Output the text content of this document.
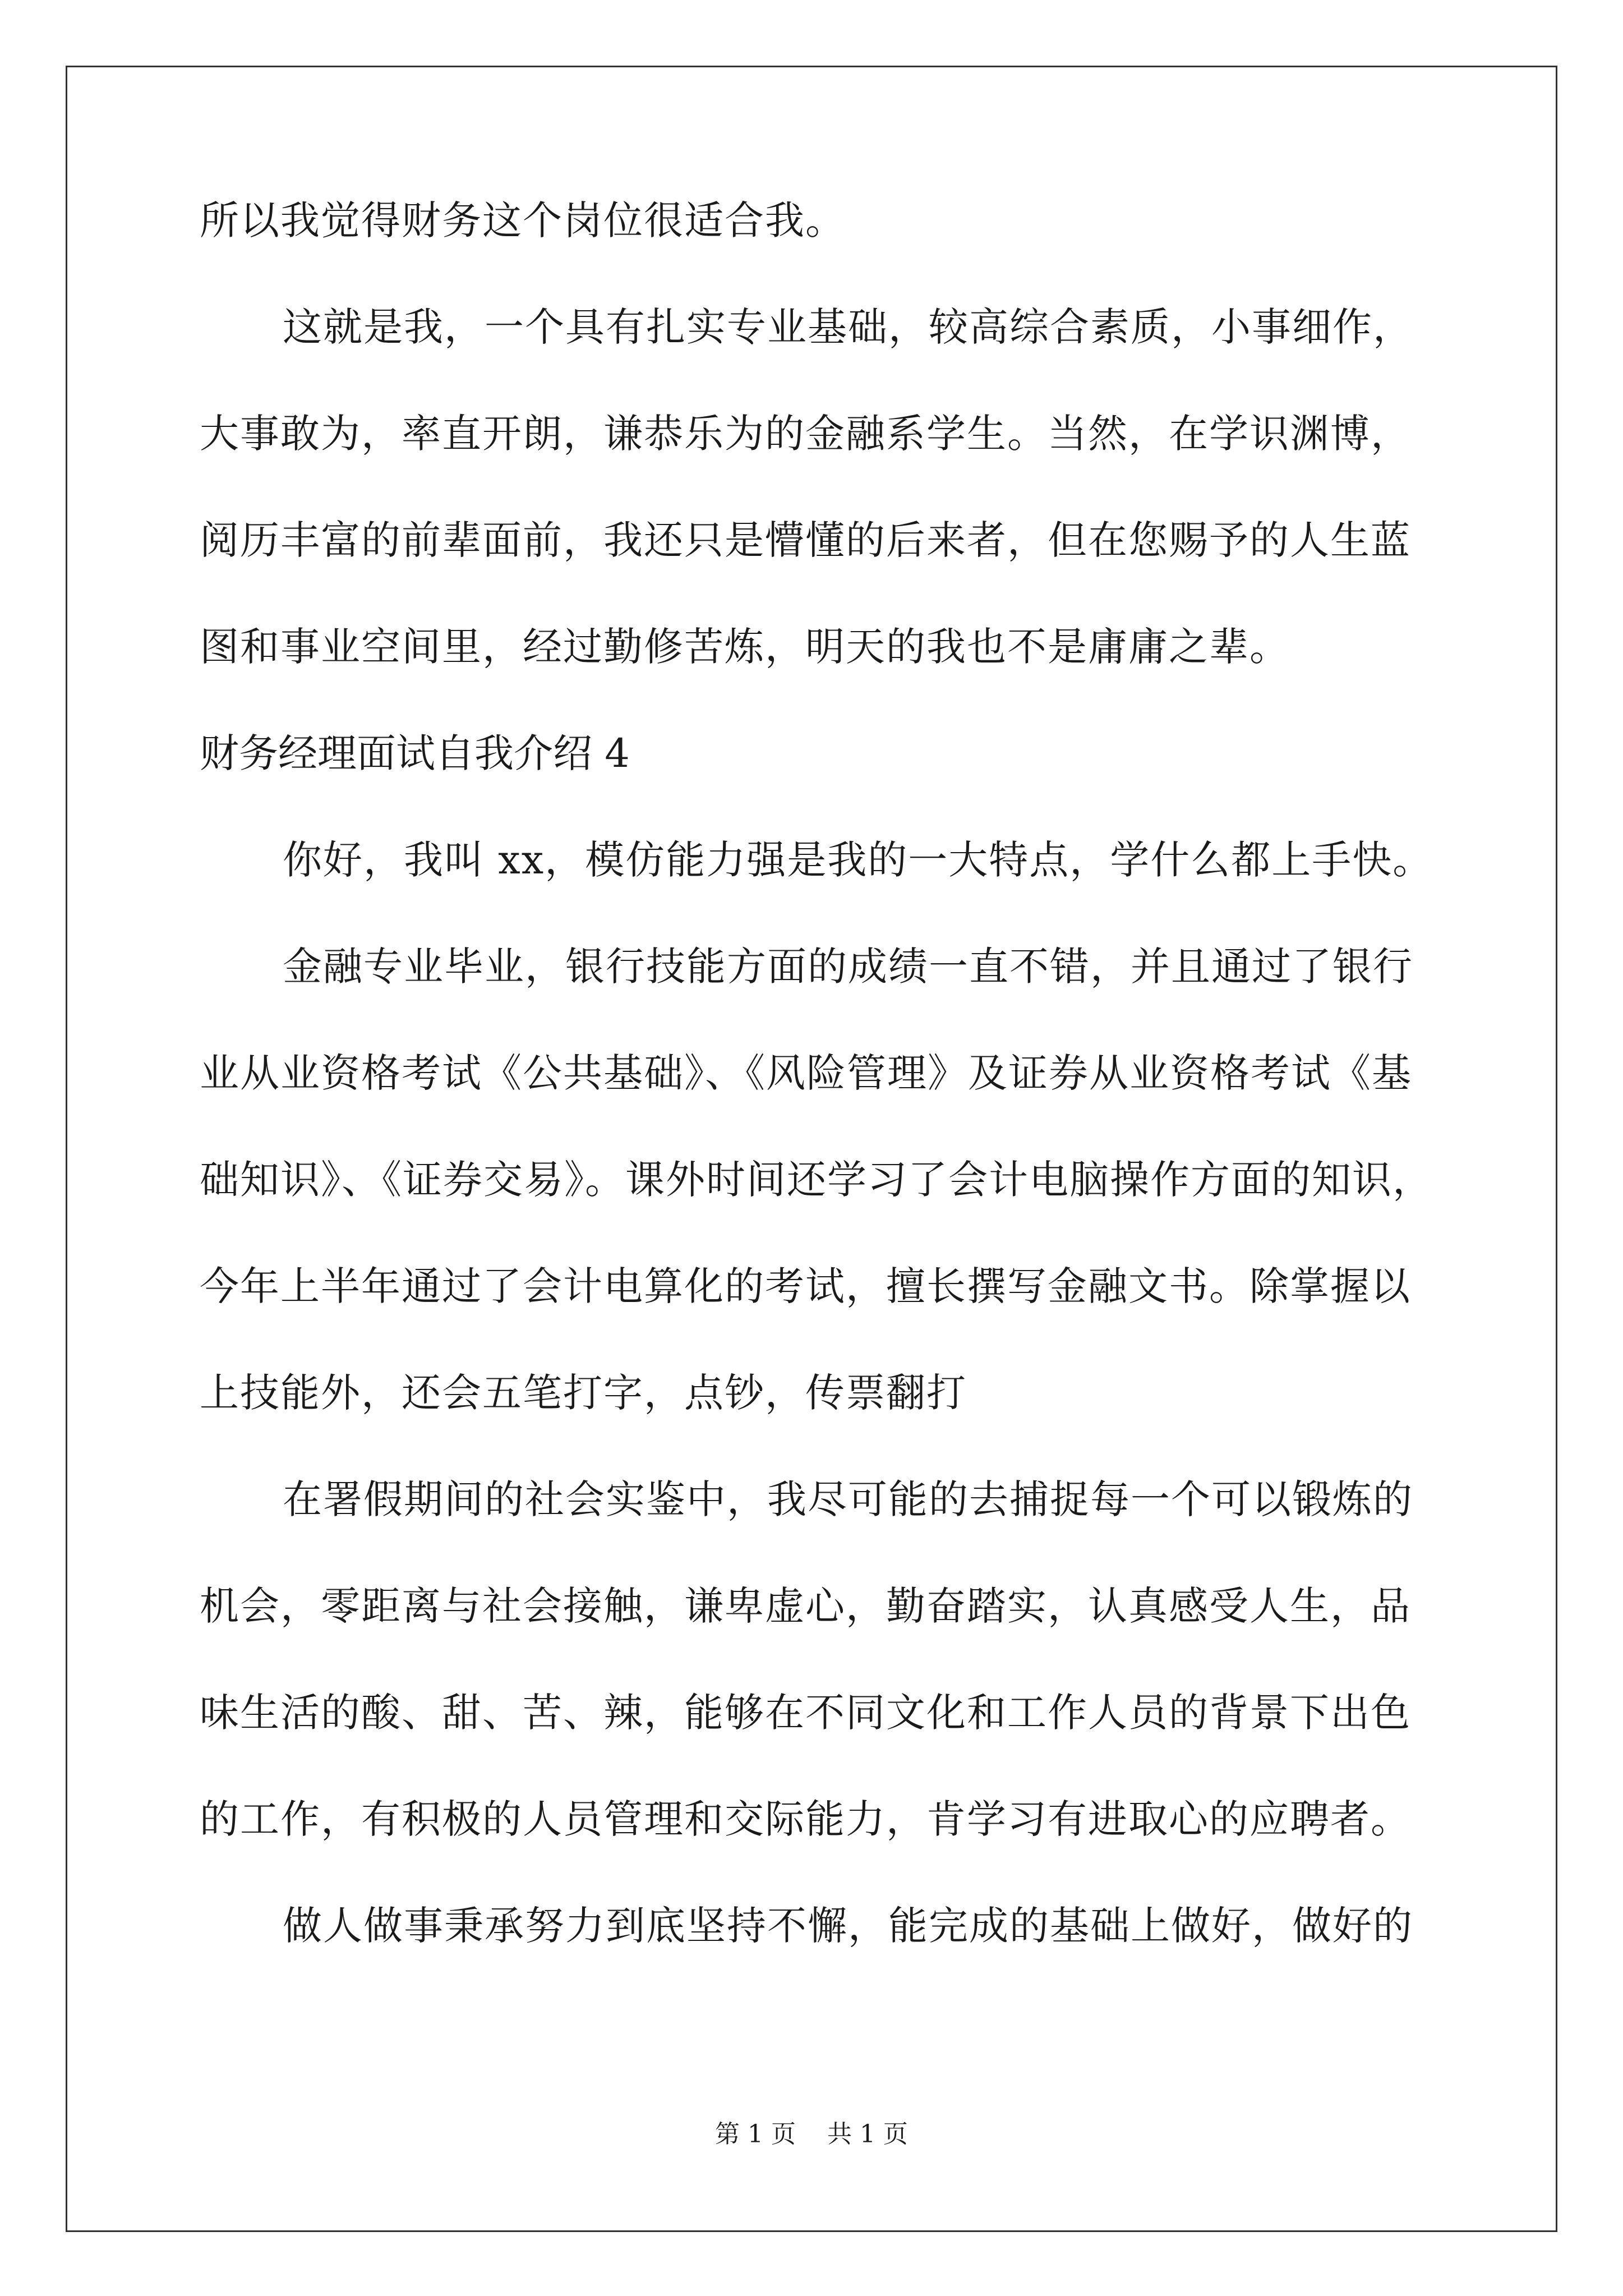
所以我觉得财务这个岗位很适合我。
这就是我，一个具有扎实专业基础，较高综合素质，小事细作，
大事敢为，率直开朗，谦恭乐为的金融系学生。当然，在学识渊博，
阅历丰富的前辈面前，我还只是懵懂的后来者，但在您赐予的人生蓝
图和事业空间里，经过勤修苦炼，明天的我也不是庸庸之辈。
财务经理面试自我介绍 4
你好，我叫 xx，模仿能力强是我的一大特点，学什么都上手快。
金融专业毕业，银行技能方面的成绩一直不错，并且通过了银行
业从业资格考试《公共基础》、《风险管理》及证券从业资格考试《基
础知识》、《证券交易》。课外时间还学习了会计电脑操作方面的知识，
今年上半年通过了会计电算化的考试，擅长撰写金融文书。除掌握以
上技能外，还会五笔打字，点钞，传票翻打
在署假期间的社会实鉴中，我尽可能的去捕捉每一个可以锻炼的
机会，零距离与社会接触，谦卑虚心，勤奋踏实，认真感受人生，品
味生活的酸、甜、苦、辣，能够在不同文化和工作人员的背景下出色
的工作，有积极的人员管理和交际能力，肯学习有进取心的应聘者。
做人做事秉承努力到底坚持不懈，能完成的基础上做好，做好的
第 1 页    共 1 页
